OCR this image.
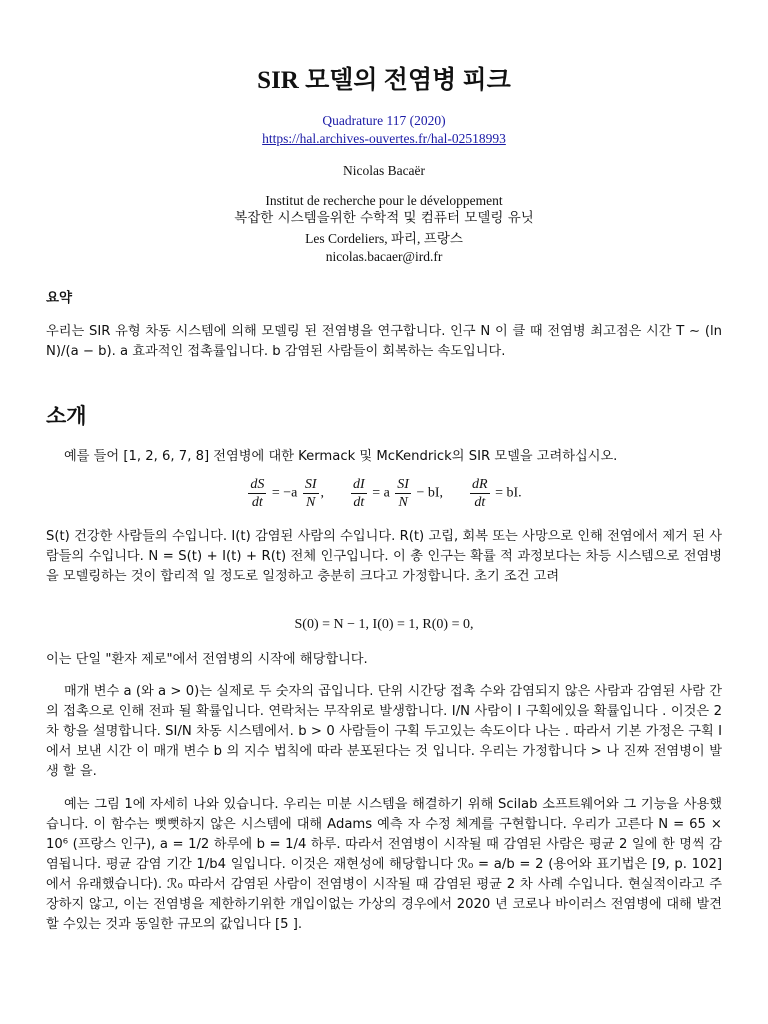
SIR 모델의 전염병 피크
Quadrature 117 (2020)
https://hal.archives-ouvertes.fr/hal-02518993
Nicolas Bacaër
Institut de recherche pour le développement
복잡한 시스템을위한 수학적 및 컴퓨터 모델링 유닛
Les Cordeliers, 파리, 프랑스
nicolas.bacaer@ird.fr
요약
우리는 SIR 유형 차동 시스템에 의해 모델링 된 전염병을 연구합니다. 인구 N 이 클 때 전염병 최고점은 시간 T ∼ (ln N)/(a − b). a 효과적인 접촉률입니다. b 감염된 사람들이 회복하는 속도입니다.
소개
예를 들어 [1, 2, 6, 7, 8] 전염병에 대한 Kermack 및 McKendrick의 SIR 모델을 고려하십시오.
$\frac{dS}{dt} = -a \frac{SI}{N}$ , $\frac{dI}{dt} = a \frac{SI}{N}$ − bI, $\frac{dR}{dt}$ = bI.
S(t) 건강한 사람들의 수입니다. I(t) 감염된 사람의 수입니다. R(t) 고립, 회복 또는 사망으로 인해 전염에서 제거 된 사람들의 수입니다. N = S(t) + I(t) + R(t) 전체 인구입니다. 이 총 인구는 확률 적 과정보다는 차등 시스템으로 전염병을 모델링하는 것이 합리적 일 정도로 일정하고 충분히 크다고 가정합니다. 초기 조건 고려
S(0) = N − 1, I(0) = 1, R(0) = 0,
이는 단일 "환자 제로"에서 전염병의 시작에 해당합니다.
매개 변수 a (와 a > 0)는 실제로 두 숫자의 곱입니다. 단위 시간당 접촉 수와 감염되지 않은 사람과 감염된 사람 간의 접촉으로 인해 전파 될 확률입니다. 연락처는 무작위로 발생합니다. I/N 사람이 I 구획에있을 확률입니다 . 이것은 2 차 항을 설명합니다. SI/N 차동 시스템에서. b > 0 사람들이 구획 두고있는 속도이다 나는 . 따라서 기본 가정은 구획 I 에서 보낸 시간 이 매개 변수 b 의 지수 법칙에 따라 분포된다는 것 입니다. 우리는 가정합니다 > 나 진짜 전염병이 발생 할 을.
예는 그림 1에 자세히 나와 있습니다. 우리는 미분 시스템을 해결하기 위해 Scilab 소프트웨어와 그 기능을 사용했습니다. 이 함수는 뻣뻣하지 않은 시스템에 대해 Adams 예측 자 수정 체계를 구현합니다. 우리가 고른다 N = 65 × 10⁶ (프랑스 인구), a = 1/2 하루에 b = 1/4 하루. 따라서 전염병이 시작될 때 감염된 사람은 평균 2 일에 한 명씩 감염됩니다. 평균 감염 기간 1/b4 일입니다. 이것은 재현성에 해당합니다 ℛ₀ = a/b = 2 (용어와 표기법은 [9, p. 102]에서 유래했습니다). ℛ₀ 따라서 감염된 사람이 전염병이 시작될 때 감염된 평균 2 차 사례 수입니다. 현실적이라고 주장하지 않고, 이는 전염병을 제한하기위한 개입이없는 가상의 경우에서 2020 년 코로나 바이러스 전염병에 대해 발견 할 수있는 것과 동일한 규모의 값입니다 [5 ].
